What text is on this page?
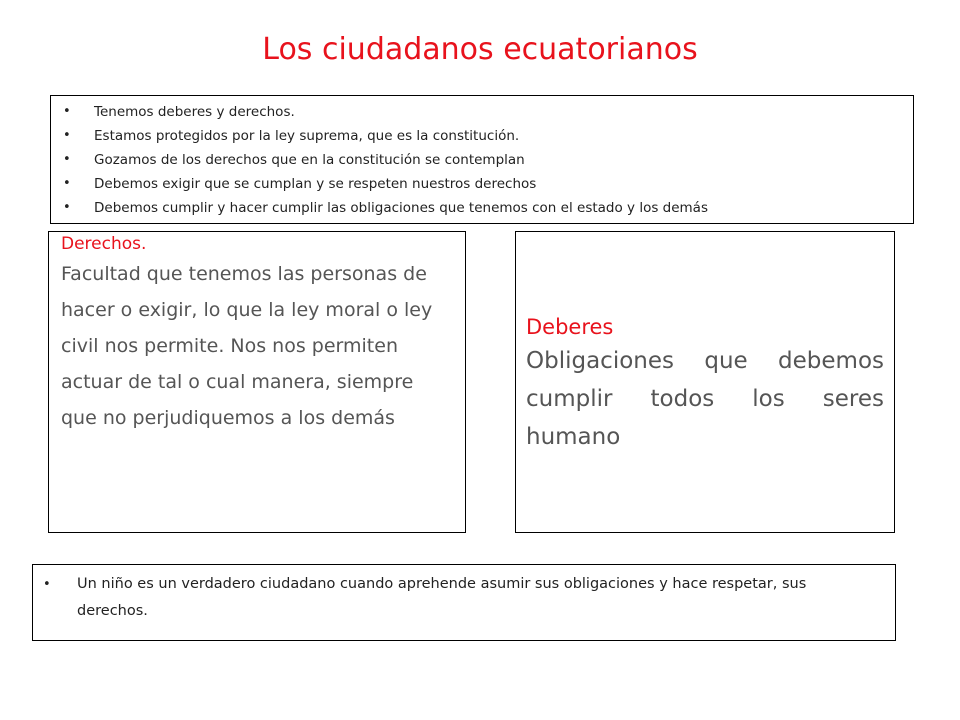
Los ciudadanos ecuatorianos
• Tenemos deberes y derechos.
• Estamos protegidos por la ley suprema, que es la constitución.
• Gozamos de los derechos que en la constitución se contemplan
• Debemos exigir que se cumplan y se respeten nuestros derechos
• Debemos cumplir y hacer cumplir las obligaciones que tenemos con el estado y los demás

Derechos.

Facultad que tenemos las personas de hacer o exigir, lo que la ley moral o ley civil nos permite. Nos nos permiten actuar de tal o cual manera, siempre que no perjudiquemos a los demás

Deberes

Obligaciones que debemos cumplir todos los seres humano

• Un niño es un verdadero ciudadano cuando aprehende asumir sus obligaciones y hace respetar, sus derechos.
